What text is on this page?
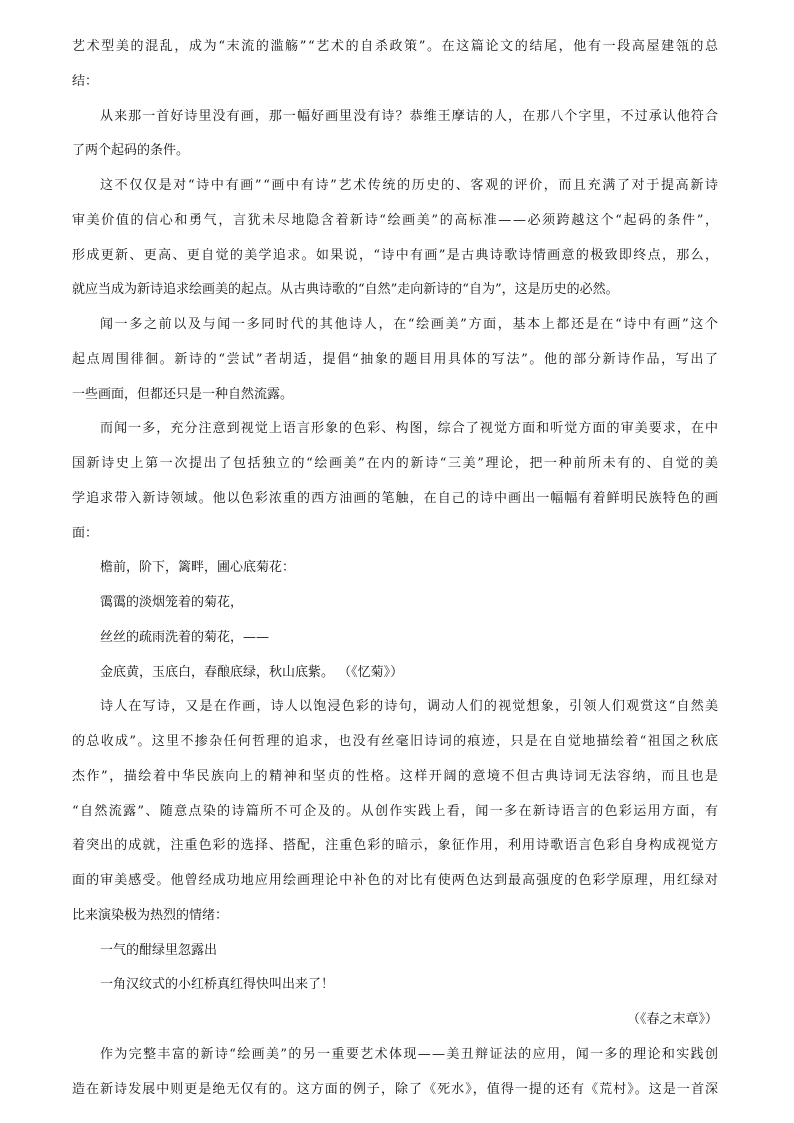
艺术型美的混乱，成为“末流的滥觞”“艺术的自杀政策”。在这篇论文的结尾，他有一段高屋建瓴的总
结：
从来那一首好诗里没有画，那一幅好画里没有诗？恭维王摩诘的人，在那八个字里，不过承认他符合
了两个起码的条件。
这不仅仅是对“诗中有画”“画中有诗”艺术传统的历史的、客观的评价，而且充满了对于提高新诗
审美价值的信心和勇气，言犹未尽地隐含着新诗“绘画美”的高标准——必须跨越这个“起码的条件”，
形成更新、更高、更自觉的美学追求。如果说，“诗中有画”是古典诗歌诗情画意的极致即终点，那么，
就应当成为新诗追求绘画美的起点。从古典诗歌的“自然”走向新诗的“自为”，这是历史的必然。
闻一多之前以及与闻一多同时代的其他诗人，在“绘画美”方面，基本上都还是在“诗中有画”这个
起点周围徘徊。新诗的“尝试”者胡适，提倡“抽象的题目用具体的写法”。他的部分新诗作品，写出了
一些画面，但都还只是一种自然流露。
而闻一多，充分注意到视觉上语言形象的色彩、构图，综合了视觉方面和听觉方面的审美要求，在中
国新诗史上第一次提出了包括独立的“绘画美”在内的新诗“三美”理论，把一种前所未有的、自觉的美
学追求带入新诗领域。他以色彩浓重的西方油画的笔触，在自己的诗中画出一幅幅有着鲜明民族特色的画
面：
檐前，阶下，篱畔，圃心底菊花：
霭霭的淡烟笼着的菊花，
丝丝的疏雨洗着的菊花，——
金底黄，玉底白，春酿底绿，秋山底紫。 （《忆菊》）
诗人在写诗，又是在作画，诗人以饱浸色彩的诗句，调动人们的视觉想象，引领人们观赏这“自然美
的总收成”。这里不掺杂任何哲理的追求，也没有丝毫旧诗词的痕迹，只是在自觉地描绘着“祖国之秋底
杰作”，描绘着中华民族向上的精神和坚贞的性格。这样开阔的意境不但古典诗词无法容纳，而且也是
“自然流露”、随意点染的诗篇所不可企及的。从创作实践上看，闻一多在新诗语言的色彩运用方面，有
着突出的成就，注重色彩的选择、搭配，注重色彩的暗示，象征作用，利用诗歌语言色彩自身构成视觉方
面的审美感受。他曾经成功地应用绘画理论中补色的对比有使两色达到最高强度的色彩学原理，用红绿对
比来演染极为热烈的情绪：
一气的酣绿里忽露出
一角汉纹式的小红桥真红得快叫出来了！
（《春之末章》）
作为完整丰富的新诗“绘画美”的另一重要艺术体现——美丑辩证法的应用，闻一多的理论和实践创
造在新诗发展中则更是绝无仅有的。这方面的例子，除了《死水》，值得一提的还有《荒村》。这是一首深
